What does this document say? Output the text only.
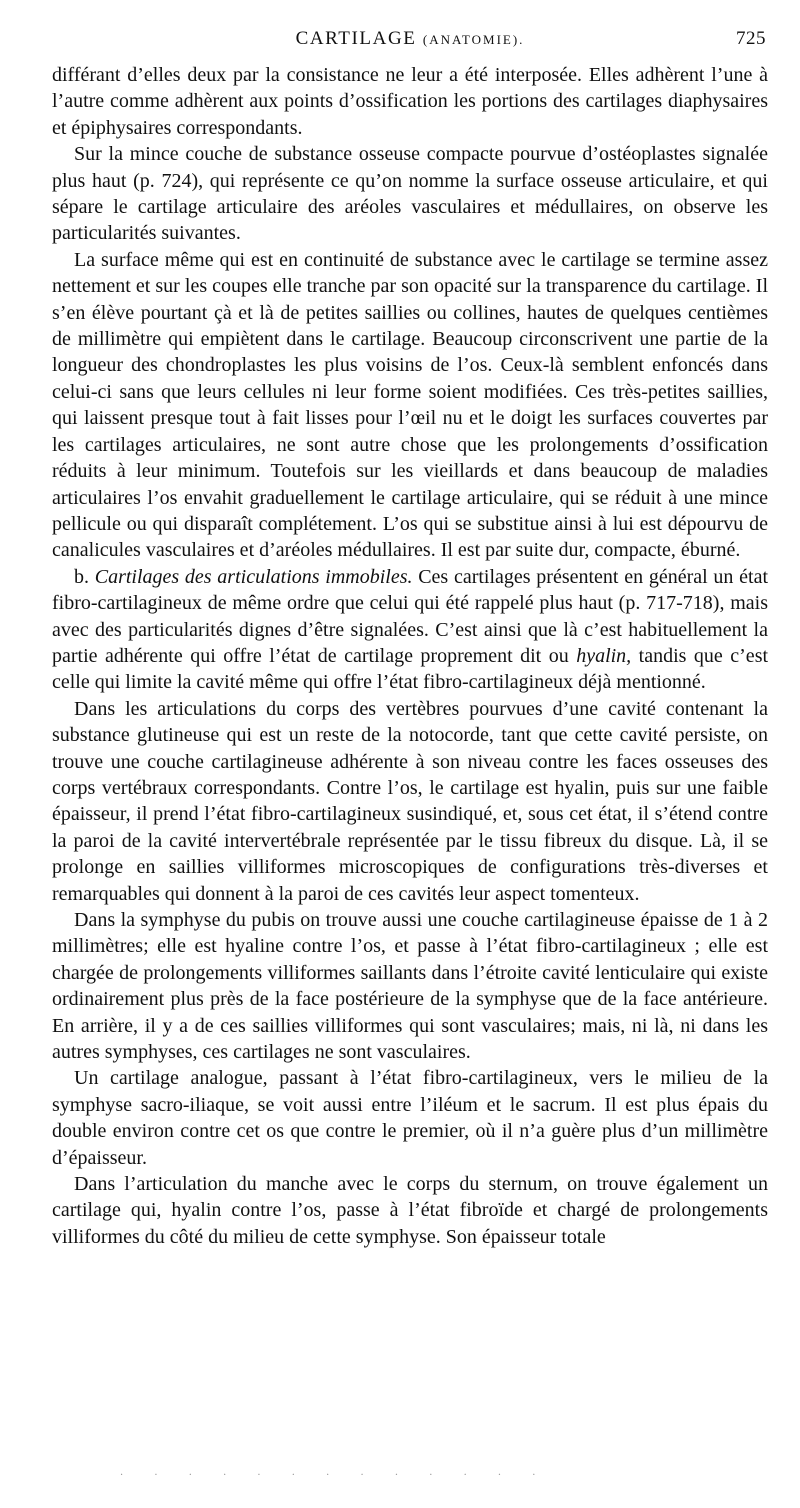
CARTILAGE (ANATOMIE).	725

différant d’elles deux par la consistance ne leur a été interposée. Elles adhèrent l’une à l’autre comme adhèrent aux points d’ossification les portions des cartilages diaphysaires et épiphysaires correspondants.

Sur la mince couche de substance osseuse compacte pourvue d’ostéoplastes signalée plus haut (p. 724), qui représente ce qu’on nomme la surface osseuse articulaire, et qui sépare le cartilage articulaire des aréoles vasculaires et médullaires, on observe les particularités suivantes.

La surface même qui est en continuité de substance avec le cartilage se termine assez nettement et sur les coupes elle tranche par son opacité sur la transparence du cartilage. Il s’en élève pourtant çà et là de petites saillies ou collines, hautes de quelques centièmes de millimètre qui empiètent dans le cartilage. Beaucoup circonscrivent une partie de la longueur des chondroplastes les plus voisins de l’os. Ceux-là semblent enfoncés dans celui-ci sans que leurs cellules ni leur forme soient modifiées. Ces très-petites saillies, qui laissent presque tout à fait lisses pour l’œil nu et le doigt les surfaces couvertes par les cartilages articulaires, ne sont autre chose que les prolongements d’ossification réduits à leur minimum. Toutefois sur les vieillards et dans beaucoup de maladies articulaires l’os envahit graduellement le cartilage articulaire, qui se réduit à une mince pellicule ou qui disparaît complétement. L’os qui se substitue ainsi à lui est dépourvu de canalicules vasculaires et d’aréoles médullaires. Il est par suite dur, compacte, éburné.

b. Cartilages des articulations immobiles. Ces cartilages présentent en général un état fibro-cartilagineux de même ordre que celui qui été rappelé plus haut (p. 717-718), mais avec des particularités dignes d’être signalées. C’est ainsi que là c’est habituellement la partie adhérente qui offre l’état de cartilage proprement dit ou hyalin, tandis que c’est celle qui limite la cavité même qui offre l’état fibro-cartilagineux déjà mentionné.

Dans les articulations du corps des vertèbres pourvues d’une cavité contenant la substance glutineuse qui est un reste de la notocorde, tant que cette cavité persiste, on trouve une couche cartilagineuse adhérente à son niveau contre les faces osseuses des corps vertébraux correspondants. Contre l’os, le cartilage est hyalin, puis sur une faible épaisseur, il prend l’état fibro-cartilagineux susindiqué, et, sous cet état, il s’étend contre la paroi de la cavité intervertébrale représentée par le tissu fibreux du disque. Là, il se prolonge en saillies villiformes microscopiques de configurations très-diverses et remarquables qui donnent à la paroi de ces cavités leur aspect tomenteux.

Dans la symphyse du pubis on trouve aussi une couche cartilagineuse épaisse de 1 à 2 millimètres; elle est hyaline contre l’os, et passe à l’état fibro-cartilagineux ; elle est chargée de prolongements villiformes saillants dans l’étroite cavité lenticulaire qui existe ordinairement plus près de la face postérieure de la symphyse que de la face antérieure. En arrière, il y a de ces saillies villiformes qui sont vasculaires; mais, ni là, ni dans les autres symphyses, ces cartilages ne sont vasculaires.

Un cartilage analogue, passant à l’état fibro-cartilagineux, vers le milieu de la symphyse sacro-iliaque, se voit aussi entre l’iléum et le sacrum. Il est plus épais du double environ contre cet os que contre le premier, où il n’a guère plus d’un millimètre d’épaisseur.

Dans l’articulation du manche avec le corps du sternum, on trouve également un cartilage qui, hyalin contre l’os, passe à l’état fibroïde et chargé de prolongements villiformes du côté du milieu de cette symphyse. Son épaisseur totale

· · · · · · · · · · · · ·
